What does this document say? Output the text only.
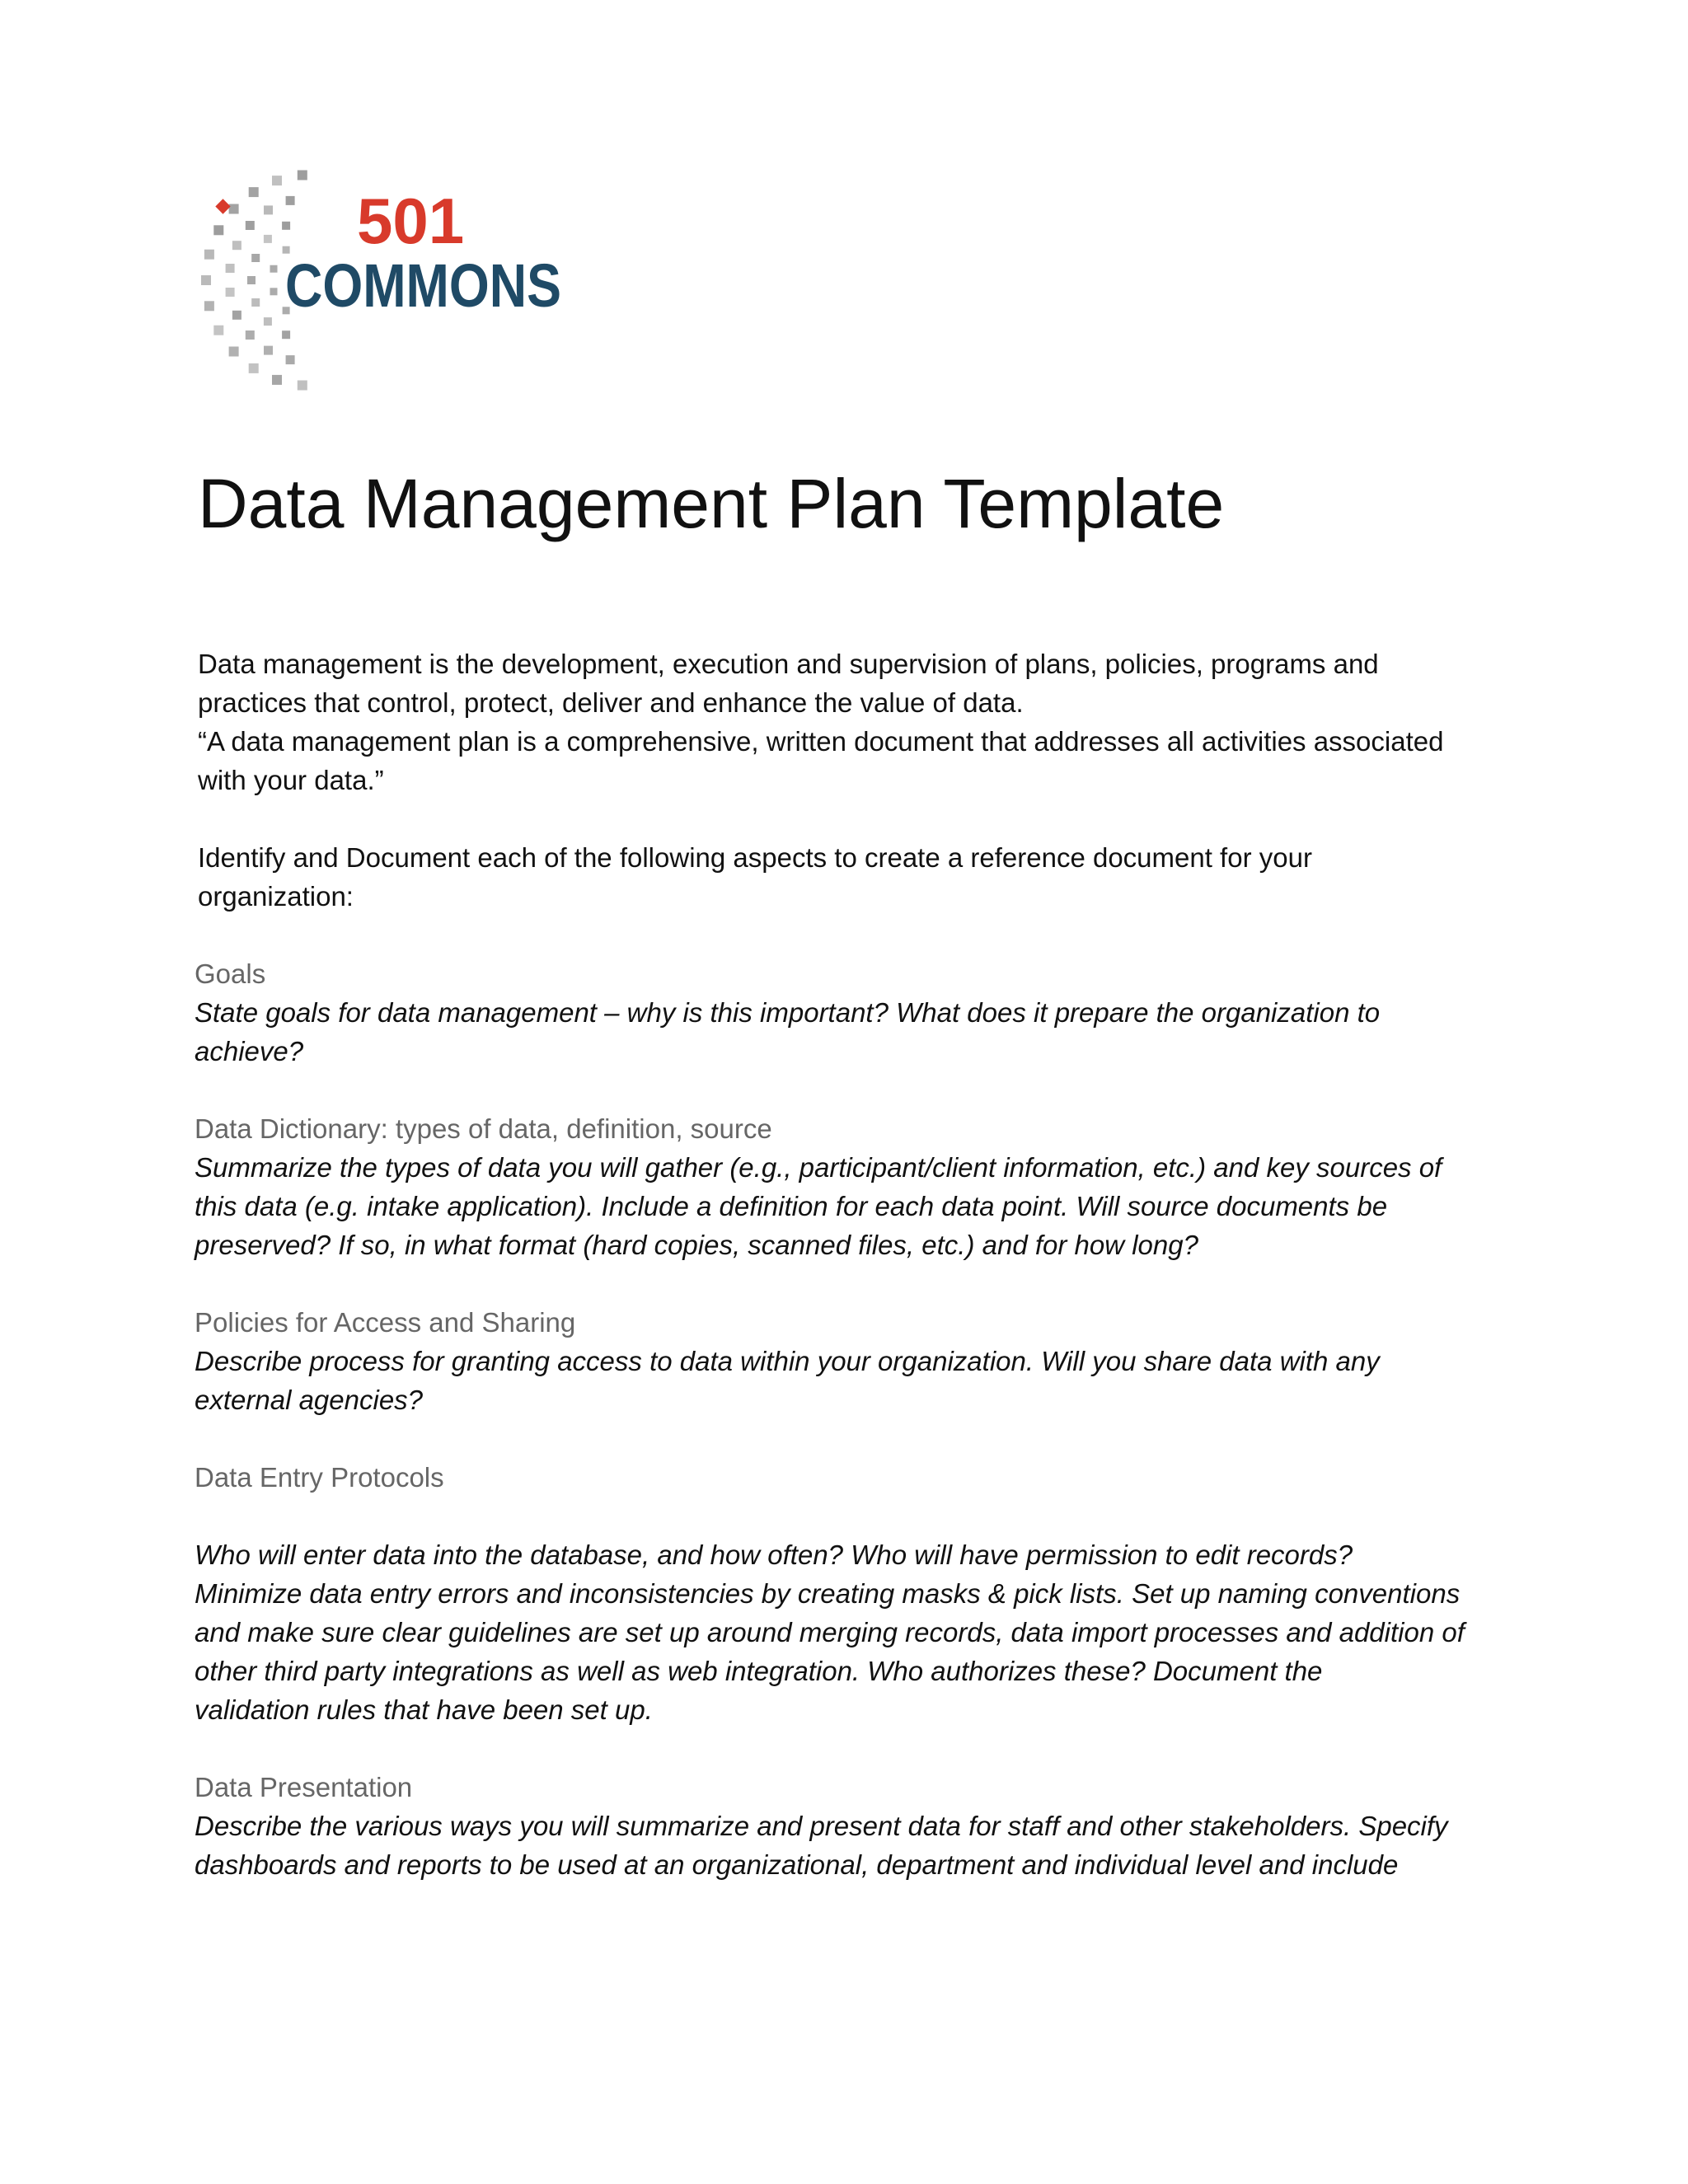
501
COMMONS
Data Management Plan Template
Data management is the development, execution and supervision of plans, policies, programs and
practices that control, protect, deliver and enhance the value of data.
“A data management plan is a comprehensive, written document that addresses all activities associated
with your data.”
Identify and Document each of the following aspects to create a reference document for your
organization:
Goals
State goals for data management – why is this important? What does it prepare the organization to
achieve?
Data Dictionary: types of data, definition, source
Summarize the types of data you will gather (e.g., participant/client information, etc.) and key sources of
this data (e.g. intake application). Include a definition for each data point. Will source documents be
preserved? If so, in what format (hard copies, scanned files, etc.) and for how long?
Policies for Access and Sharing
Describe process for granting access to data within your organization. Will you share data with any
external agencies?
Data Entry Protocols
Who will enter data into the database, and how often? Who will have permission to edit records?
Minimize data entry errors and inconsistencies by creating masks & pick lists. Set up naming conventions
and make sure clear guidelines are set up around merging records, data import processes and addition of
other third party integrations as well as web integration. Who authorizes these? Document the
validation rules that have been set up.
Data Presentation
Describe the various ways you will summarize and present data for staff and other stakeholders. Specify
dashboards and reports to be used at an organizational, department and individual level and include
